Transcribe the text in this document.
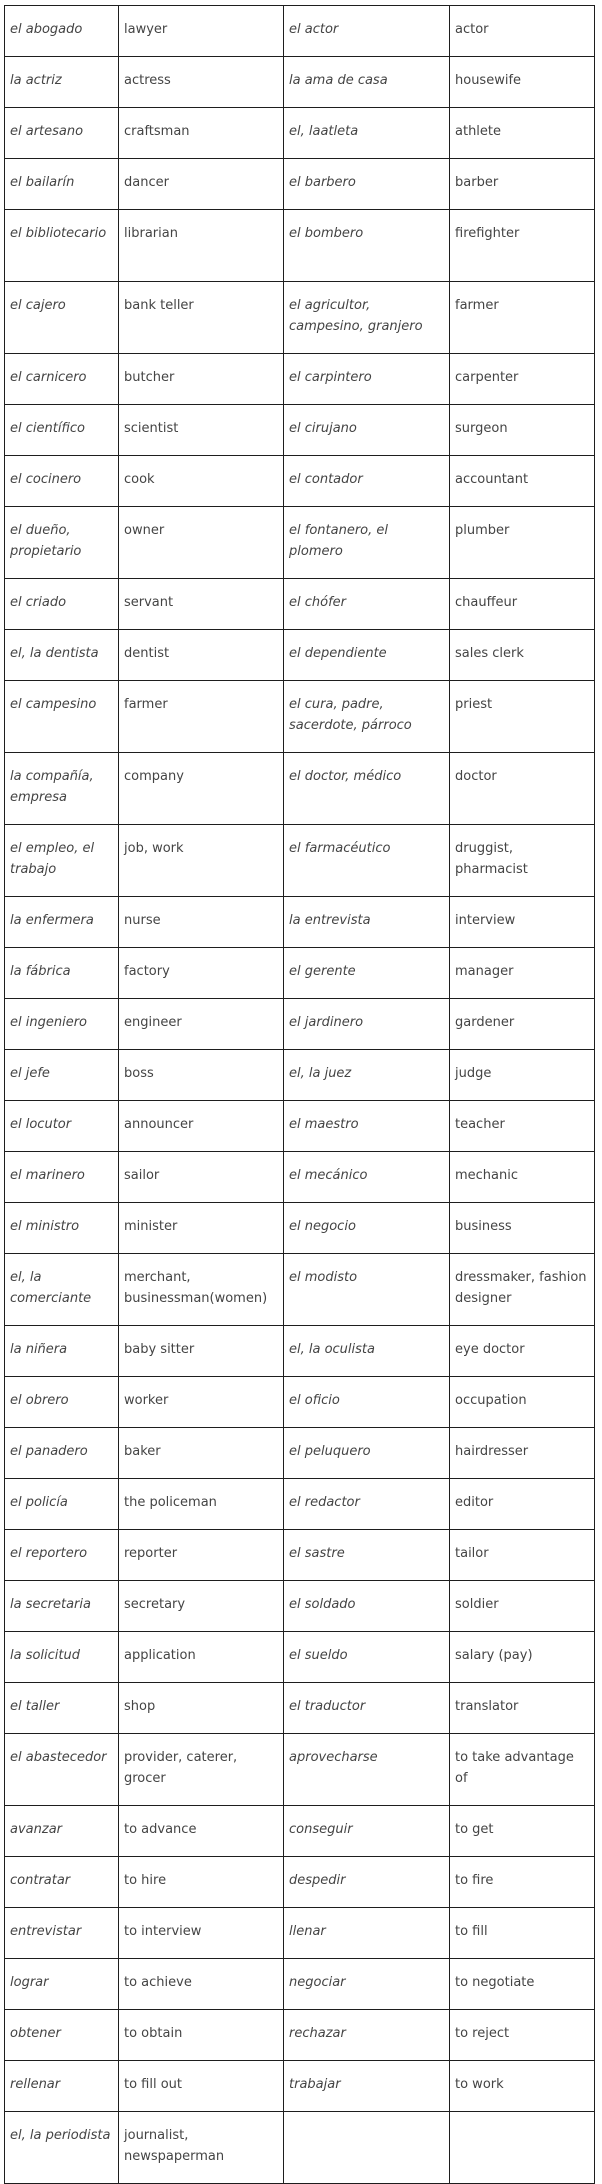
el abogado	lawyer	el actor	actor
la actriz	actress	la ama de casa	housewife
el artesano	craftsman	el, laatleta	athlete
el bailarín	dancer	el barbero	barber
el bibliotecario	librarian	el bombero	firefighter
el cajero	bank teller	el agricultor, campesino, granjero	farmer
el carnicero	butcher	el carpintero	carpenter
el científico	scientist	el cirujano	surgeon
el cocinero	cook	el contador	accountant
el dueño, propietario	owner	el fontanero, el plomero	plumber
el criado	servant	el chófer	chauffeur
el, la dentista	dentist	el dependiente	sales clerk
el campesino	farmer	el cura, padre, sacerdote, párroco	priest
la compañía, empresa	company	el doctor, médico	doctor
el empleo, el trabajo	job, work	el farmacéutico	druggist, pharmacist
la enfermera	nurse	la entrevista	interview
la fábrica	factory	el gerente	manager
el ingeniero	engineer	el jardinero	gardener
el jefe	boss	el, la juez	judge
el locutor	announcer	el maestro	teacher
el marinero	sailor	el mecánico	mechanic
el ministro	minister	el negocio	business
el, la comerciante	merchant, businessman(women)	el modisto	dressmaker, fashion designer
la niñera	baby sitter	el, la oculista	eye doctor
el obrero	worker	el oficio	occupation
el panadero	baker	el peluquero	hairdresser
el policía	the policeman	el redactor	editor
el reportero	reporter	el sastre	tailor
la secretaria	secretary	el soldado	soldier
la solicitud	application	el sueldo	salary (pay)
el taller	shop	el traductor	translator
el abastecedor	provider, caterer, grocer	aprovecharse	to take advantage of
avanzar	to advance	conseguir	to get
contratar	to hire	despedir	to fire
entrevistar	to interview	llenar	to fill
lograr	to achieve	negociar	to negotiate
obtener	to obtain	rechazar	to reject
rellenar	to fill out	trabajar	to work
el, la periodista	journalist, newspaperman		
